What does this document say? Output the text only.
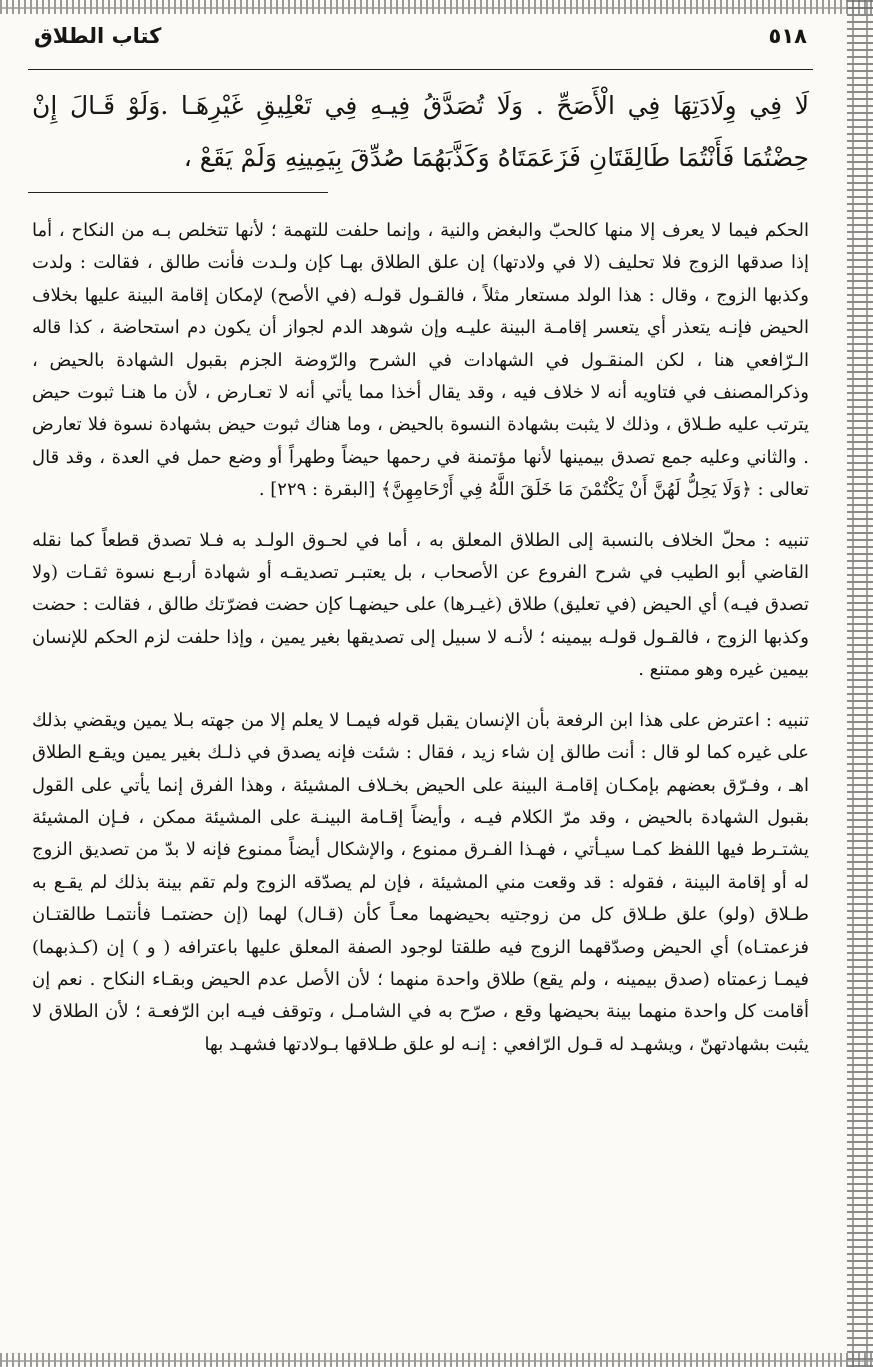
٥١٨
كتاب الطلاق
لَا فِي وِلَادَتِهَا فِي الْأَصَحِّ . وَلَا تُصَدَّقُ فِيـهِ فِي تَعْلِيقِ غَيْرِهَـا .وَلَوْ قَـالَ إِنْ حِضْتُمَا فَأَنْتُمَا طَالِقَتَانِ فَزَعَمَتَاهُ وَكَذَّبَهُمَا صُدِّقَ بِيَمِينِهِ وَلَمْ يَقَعْ ،

الحكم فيما لا يعرف إلا منها كالحبّ والبغض والنية ، وإنما حلفت للتهمة ؛ لأنها تتخلص بـه من النكاح ، أما إذا صدقها الزوج فلا تحليف (لا في ولادتها) إن علق الطلاق بهـا كإن ولـدت فأنت طالق ، فقالت : ولدت وكذبها الزوج ، وقال : هذا الولد مستعار مثلاً ، فالقـول قولـه (في الأصح) لإمكان إقامة البينة عليها بخلاف الحيض فإنـه يتعذر أي يتعسر إقامـة البينة عليـه وإن شوهد الدم لجواز أن يكون دم استحاضة ، كذا قاله الـرّافعي هنا ، لكن المنقـول في الشهادات في الشرح والرّوضة الجزم بقبول الشهادة بالحيض ، وذكرالمصنف في فتاويه أنه لا خلاف فيه ، وقد يقال أخذا مما يأتي أنه لا تعـارض ، لأن ما هنـا ثبوت حيض يترتب عليه طـلاق ، وذلك لا يثبت بشهادة النسوة بالحيض ، وما هناك ثبوت حيض بشهادة نسوة فلا تعارض . والثاني وعليه جمع تصدق بيمينها لأنها مؤتمنة في رحمها حيضاً وطهراً أو وضع حمل في العدة ، وقد قال تعالى : ﴿وَلَا يَحِلُّ لَهُنَّ أَنْ يَكْتُمْنَ مَا خَلَقَ اللَّهُ فِي أَرْحَامِهِنَّ﴾ [البقرة : ٢٢٩] .

تنبيه : محلّ الخلاف بالنسبة إلى الطلاق المعلق به ، أما في لحـوق الولـد به فـلا تصدق قطعاً كما نقله القاضي أبو الطيب في شرح الفروع عن الأصحاب ، بل يعتبـر تصديقـه أو شهادة أربـع نسوة ثقـات (ولا تصدق فيـه) أي الحيض (في تعليق) طلاق (غيـرها) على حيضهـا كإن حضت فضرّتك طالق ، فقالت : حضت وكذبها الزوج ، فالقـول قولـه بيمينه ؛ لأنـه لا سبيل إلى تصديقها بغير يمين ، وإذا حلفت لزم الحكم للإنسان بيمين غيره وهو ممتنع .

تنبيه : اعترض على هذا ابن الرفعة بأن الإنسان يقبل قوله فيمـا لا يعلم إلا من جهته بـلا يمين ويقضي بذلك على غيره كما لو قال : أنت طالق إن شاء زيد ، فقال : شئت فإنه يصدق في ذلـك بغير يمين ويقـع الطلاق اهـ ، وفـرّق بعضهم بإمكـان إقامـة البينة على الحيض بخـلاف المشيئة ، وهذا الفرق إنما يأتي على القول بقبول الشهادة بالحيض ، وقد مرّ الكلام فيـه ، وأيضاً إقـامة البينـة على المشيئة ممكن ، فـإن المشيئة يشتـرط فيها اللفظ كمـا سيـأتي ، فهـذا الفـرق ممنوع ، والإشكال أيضاً ممنوع فإنه لا بدّ من تصديق الزوج له أو إقامة البينة ، فقوله : قد وقعت مني المشيئة ، فإن لم يصدّقه الزوج ولم تقم بينة بذلك لم يقـع به طـلاق (ولو) علق طـلاق كل من زوجتيه بحيضهما معـاً كأن (قـال) لهما (إن حضتمـا فأنتمـا طالقتـان فزعمتـاه) أي الحيض وصدّقهما الزوج فيه طلقتا لوجود الصفة المعلق عليها باعترافه ( و ) إن (كـذبهما) فيمـا زعمتاه (صدق بيمينه ، ولم يقع) طلاق واحدة منهما ؛ لأن الأصل عدم الحيض وبقـاء النكاح . نعم إن أقامت كل واحدة منهما بينة بحيضها وقع ، صرّح به في الشامـل ، وتوقف فيـه ابن الرّفعـة ؛ لأن الطلاق لا يثبت بشهادتهنّ ، ويشهـد له قـول الرّافعي : إنـه لو علق طـلاقها بـولادتها فشهـد بها
